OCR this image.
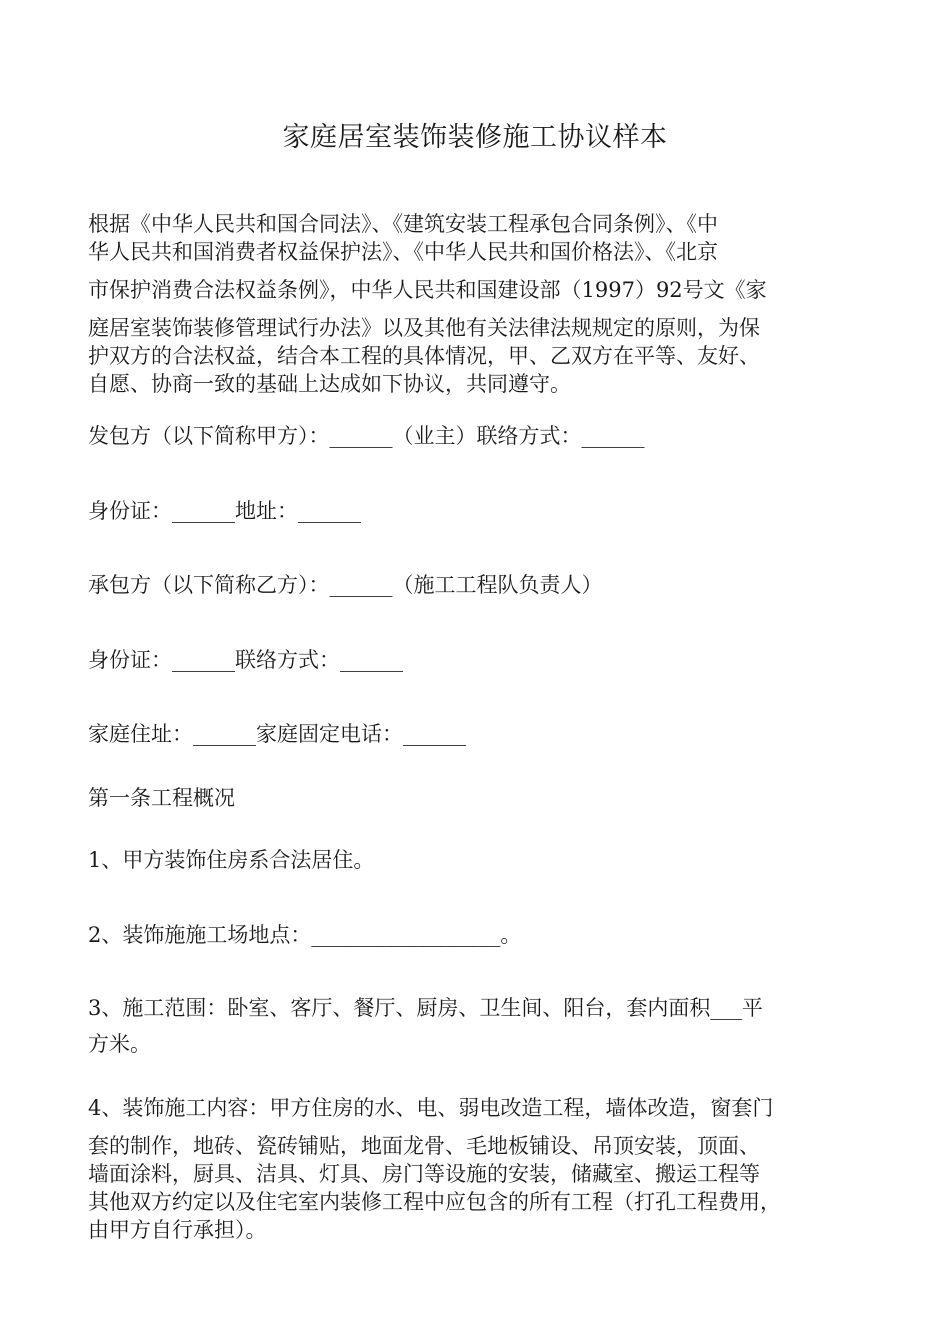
家庭居室装饰装修施工协议样本
根据《中华人民共和国合同法》、《建筑安装工程承包合同条例》、《中
华人民共和国消费者权益保护法》、《中华人民共和国价格法》、《北京
市保护消费合法权益条例》，中华人民共和国建设部（1997）92号文《家
庭居室装饰装修管理试行办法》以及其他有关法律法规规定的原则，为保
护双方的合法权益，结合本工程的具体情况，甲、乙双方在平等、友好、
自愿、协商一致的基础上达成如下协议，共同遵守。
发包方（以下简称甲方）：______（业主）联络方式：______
身份证：______地址：______
承包方（以下简称乙方）：______（施工工程队负责人）
身份证：______联络方式：______
家庭住址：______家庭固定电话：______
第一条工程概况
1、甲方装饰住房系合法居住。
2、装饰施施工场地点：__________________。
3、施工范围：卧室、客厅、餐厅、厨房、卫生间、阳台，套内面积___平
方米。
4、装饰施工内容：甲方住房的水、电、弱电改造工程，墙体改造，窗套门
套的制作，地砖、瓷砖铺贴，地面龙骨、毛地板铺设、吊顶安装，顶面、
墙面涂料，厨具、洁具、灯具、房门等设施的安装，储藏室、搬运工程等
其他双方约定以及住宅室内装修工程中应包含的所有工程（打孔工程费用，
由甲方自行承担）。
